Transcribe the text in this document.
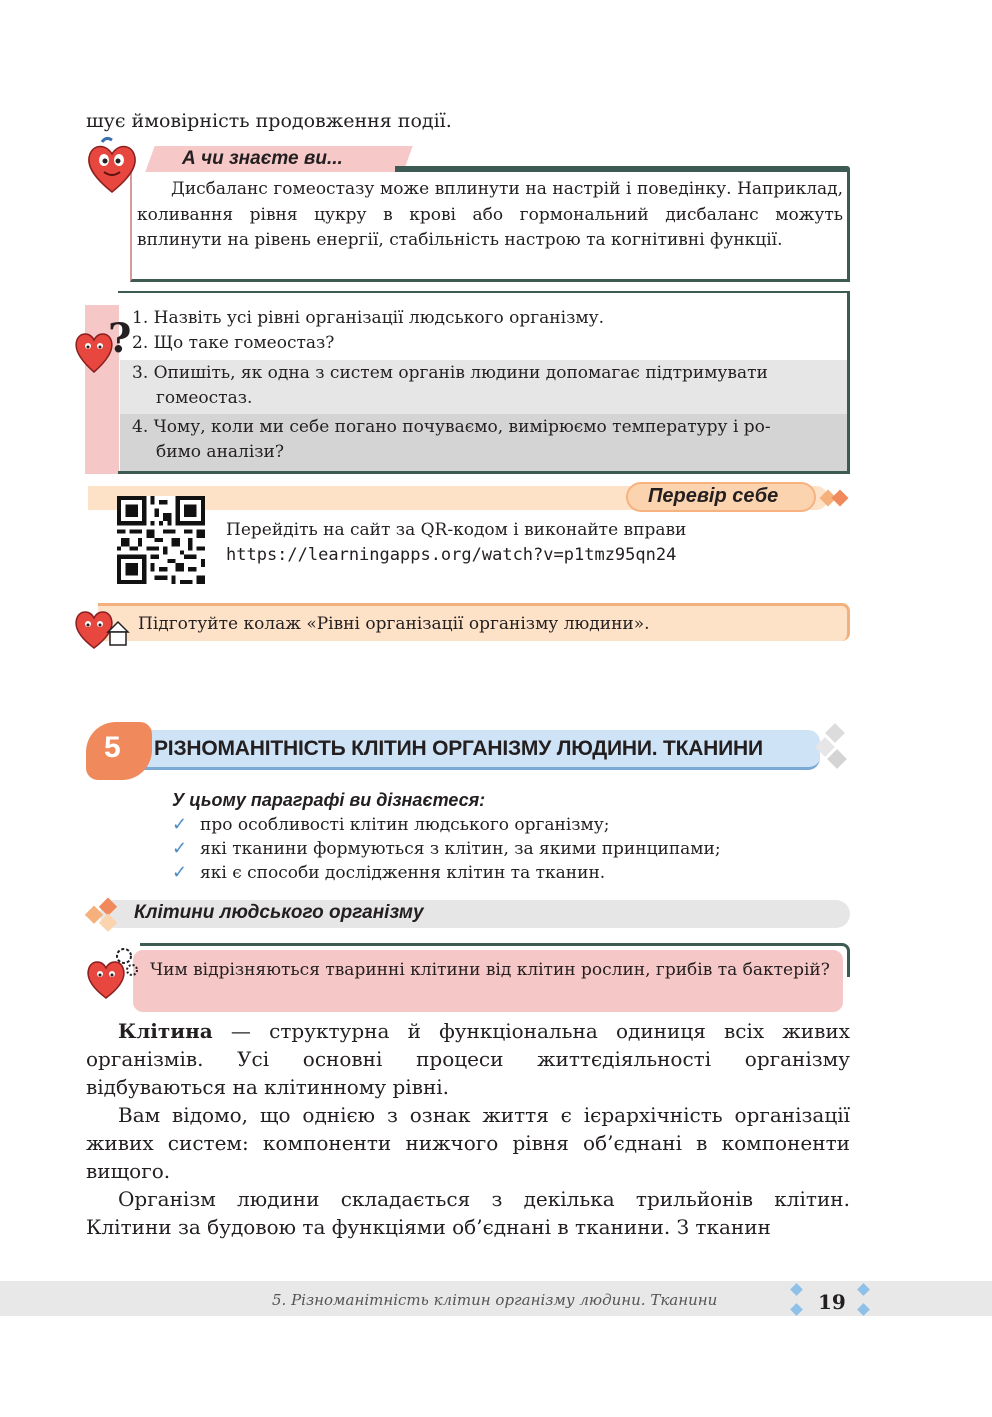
шує ймовірність продовження події.
А чи знаєте ви...
Дисбаланс гомеостазу може вплинути на настрій і поведінку. Наприклад, коливання рівня цукру в крові або гормональний дисбаланс можуть вплинути на рівень енергії, стабільність настрою та когнітивні функції.
1. Назвіть усі рівні організації людського організму.
2. Що таке гомеостаз?
3. Опишіть, як одна з систем органів людини допомагає підтримувати
гомеостаз.
4. Чому, коли ми себе погано почуваємо, вимірюємо температуру і ро-
бимо аналізи?
?
Перевір себе
Перейдіть на сайт за QR-кодом і виконайте вправи
https://learningapps.org/watch?v=p1tmz95qn24
Підготуйте колаж «Рівні організації організму людини».
5 РІЗНОМАНІТНІСТЬ КЛІТИН ОРГАНІЗМУ ЛЮДИНИ. ТКАНИНИ
У цьому параграфі ви дізнаєтеся:
✓ про особливості клітин людського організму;
✓ які тканини формуються з клітин, за якими принципами;
✓ які є способи дослідження клітин та тканин.
Клітини людського організму
Чим відрізняються тваринні клітини від клітин рослин, грибів та бактерій?
Клітина — структурна й функціональна одиниця всіх живих організмів. Усі основні процеси життєдіяльності організму відбуваються на клітинному рівні.
Вам відомо, що однією з ознак життя є ієрархічність організації живих систем: компоненти нижчого рівня об’єднані в компоненти вищого.
Організм людини складається з декілька трильйонів клітин. Клітини за будовою та функціями об’єднані в тканини. З тканин
5. Різноманітність клітин організму людини. Тканини	19
